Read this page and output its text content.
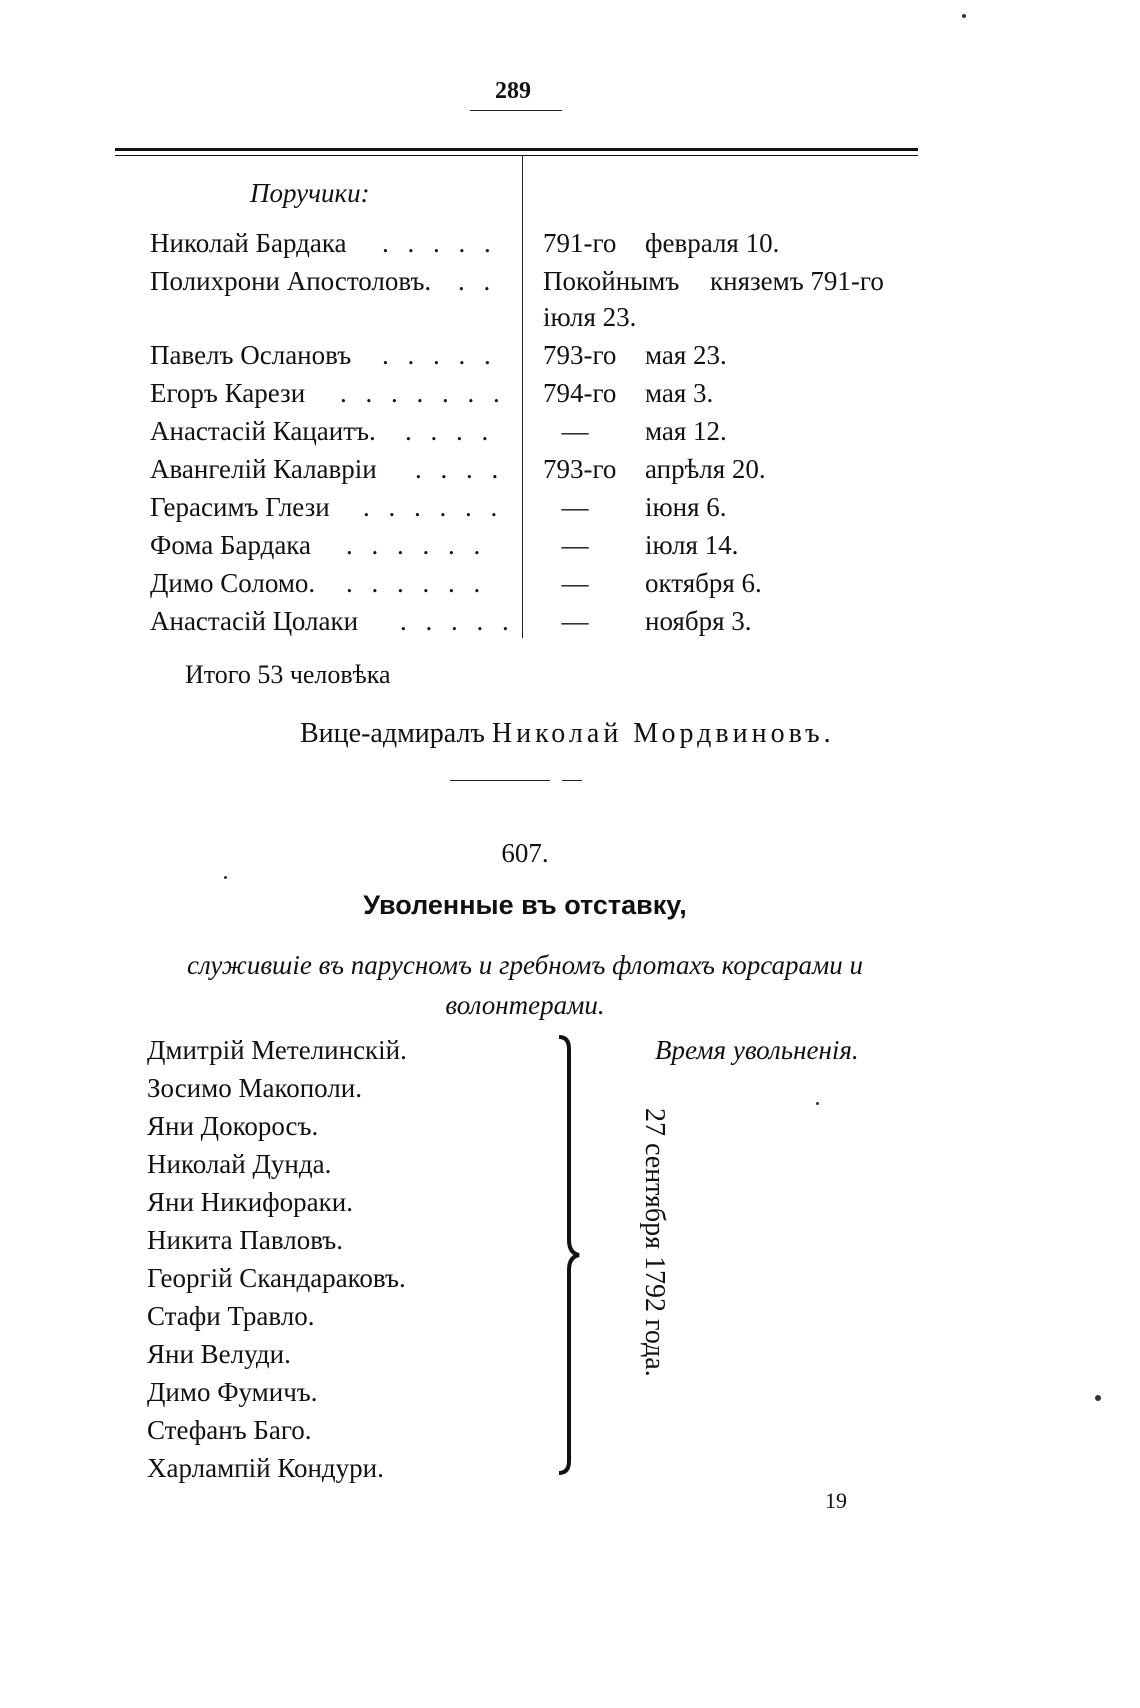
289
Поручики:
Николай Бардака . . . . . 791-го февраля 10.
Полихрони Апостоловъ. . . Покойнымъ княземъ 791-го
іюля 23.
Павелъ Ослановъ . . . . . 793-го мая 23.
Егоръ Карези . . . . . . . 794-го мая 3.
Анастасій Кацаитъ. . . . . — мая 12.
Авангелій Калавріи . . . . 793-го апрѣля 20.
Герасимъ Глези . . . . . . — іюня 6.
Фома Бардака . . . . . .	— іюля 14.
Димо Соломо. . . . . . .	— октября 6.
Анастасій Цолаки . . . . . — ноября 3.
Итого 53 человѣка
Вице-адмиралъ Николай Мордвиновъ.
607.
Уволенные въ отставку,
служившіе въ парусномъ и гребномъ флотахъ корсарами и волонтерами.
Дмитрій Метелинскій.
Зосимо Макополи.
Яни Докоросъ.
Николай Дунда.
Яни Никифораки.
Никита Павловъ.
Георгій Скандараковъ.
Стафи Травло.
Яни Велуди.
Димо Фумичъ.
Стефанъ Баго.
Харлампій Кондури.
Время увольненія.
27 сентября 1792 года.
19
